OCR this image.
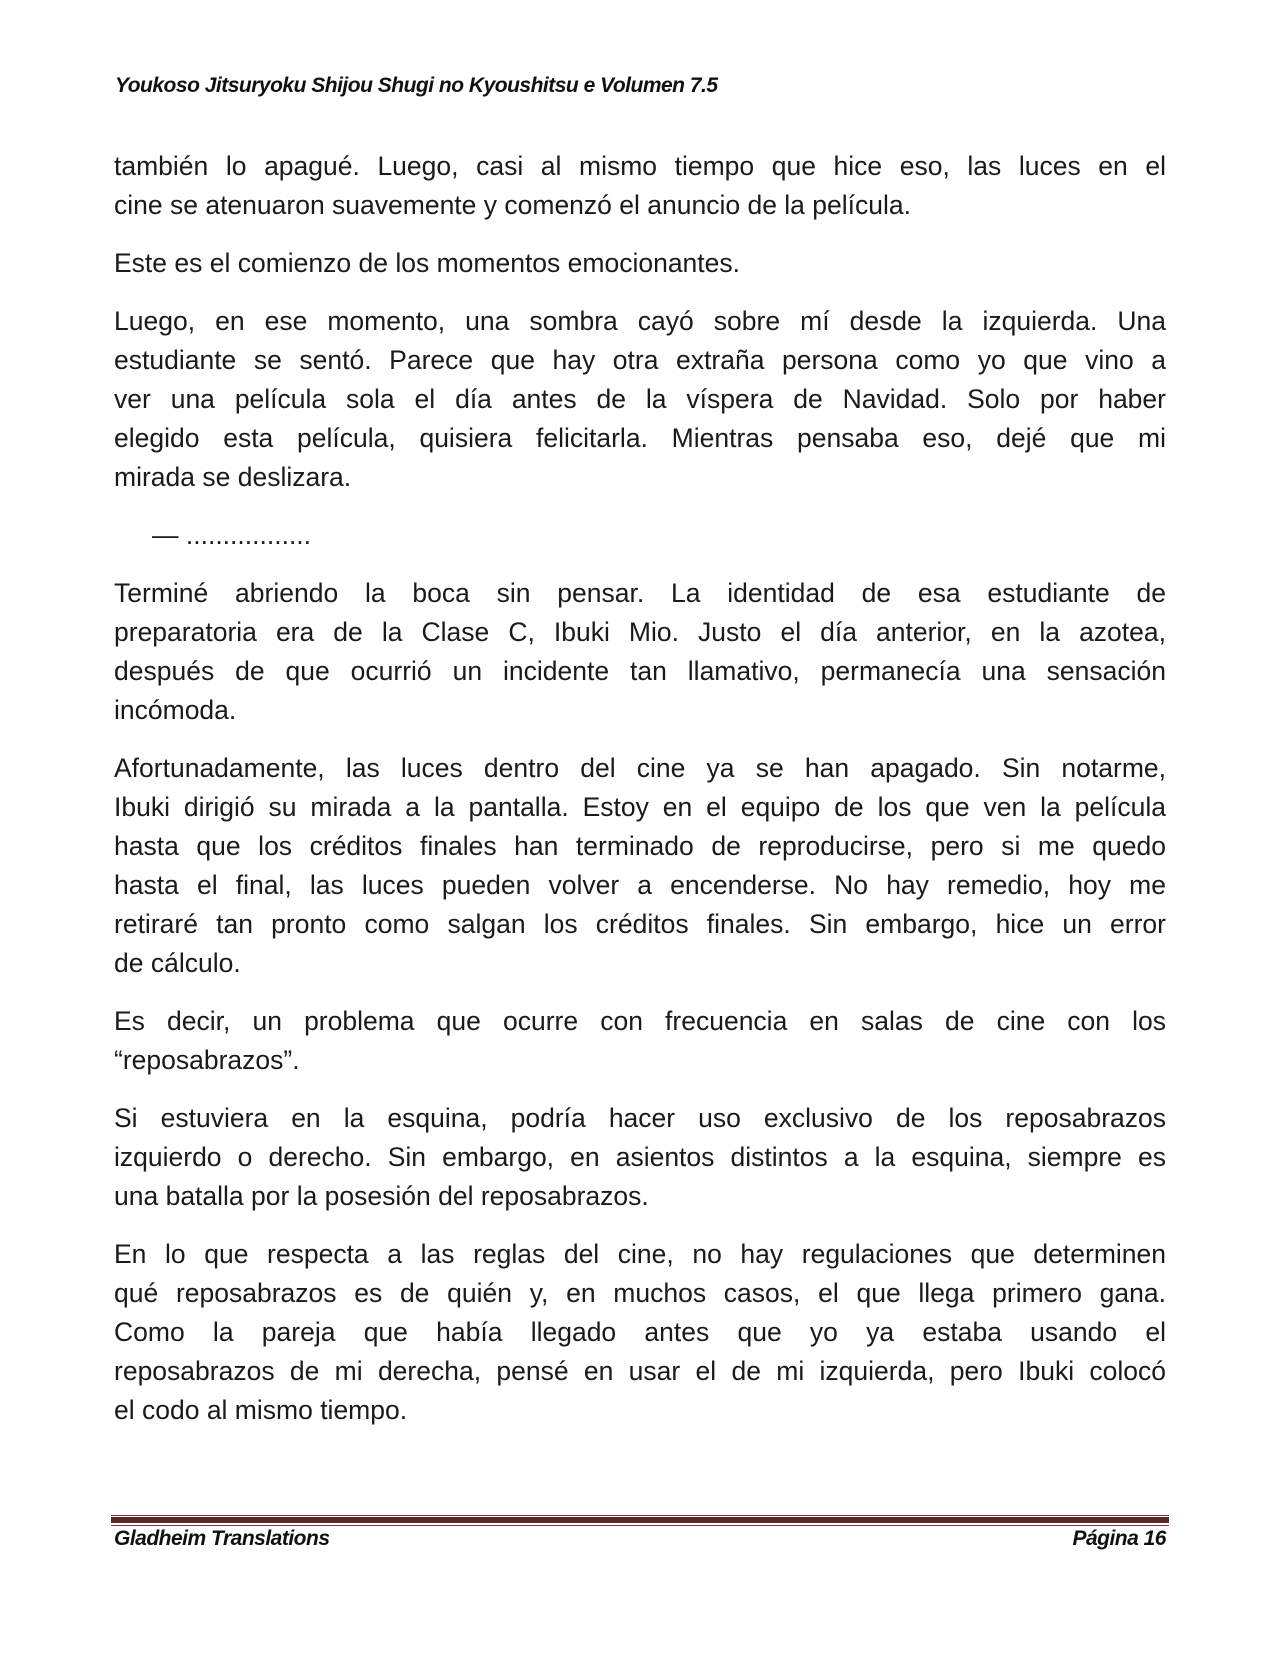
Youkoso Jitsuryoku Shijou Shugi no Kyoushitsu e Volumen 7.5
también lo apagué. Luego, casi al mismo tiempo que hice eso, las luces en el
cine se atenuaron suavemente y comenzó el anuncio de la película.
Este es el comienzo de los momentos emocionantes.
Luego, en ese momento, una sombra cayó sobre mí desde la izquierda. Una
estudiante se sentó. Parece que hay otra extraña persona como yo que vino a
ver una película sola el día antes de la víspera de Navidad. Solo por haber
elegido esta película, quisiera felicitarla. Mientras pensaba eso, dejé que mi
mirada se deslizara.
— .................
Terminé abriendo la boca sin pensar. La identidad de esa estudiante de
preparatoria era de la Clase C, Ibuki Mio. Justo el día anterior, en la azotea,
después de que ocurrió un incidente tan llamativo, permanecía una sensación
incómoda.
Afortunadamente, las luces dentro del cine ya se han apagado. Sin notarme,
Ibuki dirigió su mirada a la pantalla. Estoy en el equipo de los que ven la película
hasta que los créditos finales han terminado de reproducirse, pero si me quedo
hasta el final, las luces pueden volver a encenderse. No hay remedio, hoy me
retiraré tan pronto como salgan los créditos finales. Sin embargo, hice un error
de cálculo.
Es decir, un problema que ocurre con frecuencia en salas de cine con los
“reposabrazos”.
Si estuviera en la esquina, podría hacer uso exclusivo de los reposabrazos
izquierdo o derecho. Sin embargo, en asientos distintos a la esquina, siempre es
una batalla por la posesión del reposabrazos.
En lo que respecta a las reglas del cine, no hay regulaciones que determinen
qué reposabrazos es de quién y, en muchos casos, el que llega primero gana.
Como la pareja que había llegado antes que yo ya estaba usando el
reposabrazos de mi derecha, pensé en usar el de mi izquierda, pero Ibuki colocó
el codo al mismo tiempo.
Gladheim Translations	Página 16
